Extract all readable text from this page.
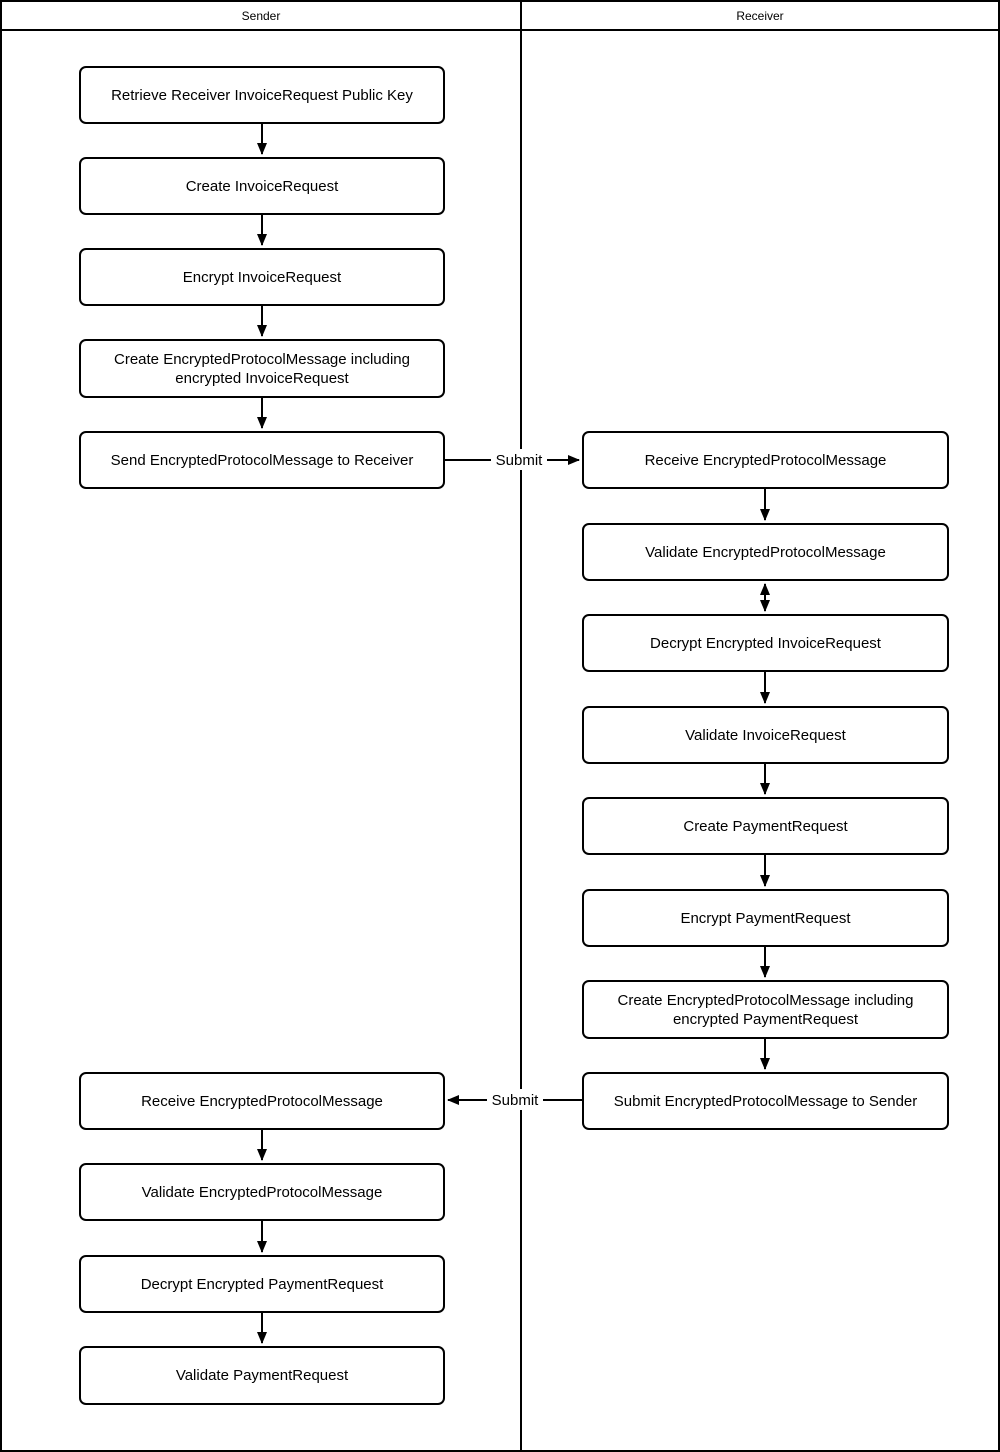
Submit
Submit
Sender	Receiver
Retrieve Receiver InvoiceRequest Public Key
Create InvoiceRequest
Encrypt InvoiceRequest
Create EncryptedProtocolMessage including encrypted InvoiceRequest
Send EncryptedProtocolMessage to Receiver
Receive EncryptedProtocolMessage
Validate EncryptedProtocolMessage
Decrypt Encrypted PaymentRequest
Validate PaymentRequest
Receive EncryptedProtocolMessage
Validate EncryptedProtocolMessage
Decrypt Encrypted InvoiceRequest
Validate InvoiceRequest
Create PaymentRequest
Encrypt PaymentRequest
Create EncryptedProtocolMessage including encrypted PaymentRequest
Submit EncryptedProtocolMessage to Sender
